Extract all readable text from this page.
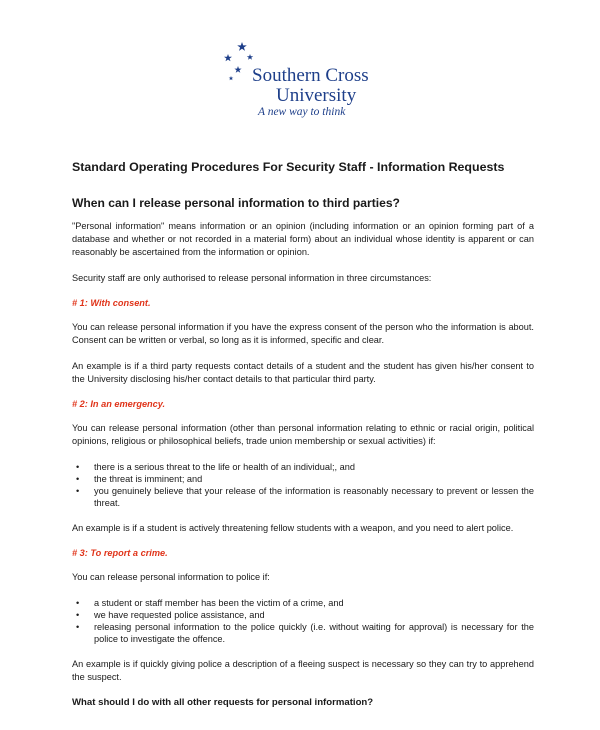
Southern Cross
University
A new way to think
Standard Operating Procedures For Security Staff - Information Requests
When can I release personal information to third parties?

"Personal information" means information or an opinion (including information or an opinion forming part of a database and whether or not recorded in a material form) about an individual whose identity is apparent or can reasonably be ascertained from the information or opinion.

Security staff are only authorised to release personal information in three circumstances:

# 1: With consent.

You can release personal information if you have the express consent of the person who the information is about. Consent can be written or verbal, so long as it is informed, specific and clear.

An example is if a third party requests contact details of a student and the student has given his/her consent to the University disclosing his/her contact details to that particular third party.

# 2: In an emergency.

You can release personal information (other than personal information relating to ethnic or racial origin, political opinions, religious or philosophical beliefs, trade union membership or sexual activities) if:

• there is a serious threat to the life or health of an individual;, and
• the threat is imminent; and
• you genuinely believe that your release of the information is reasonably necessary to prevent or lessen the threat.

An example is if a student is actively threatening fellow students with a weapon, and you need to alert police.

# 3: To report a crime.

You can release personal information to police if:

• a student or staff member has been the victim of a crime, and
• we have requested police assistance, and
• releasing personal information to the police quickly (i.e. without waiting for approval) is necessary for the police to investigate the offence.

An example is if quickly giving police a description of a fleeing suspect is necessary so they can try to apprehend the suspect.

What should I do with all other requests for personal information?
